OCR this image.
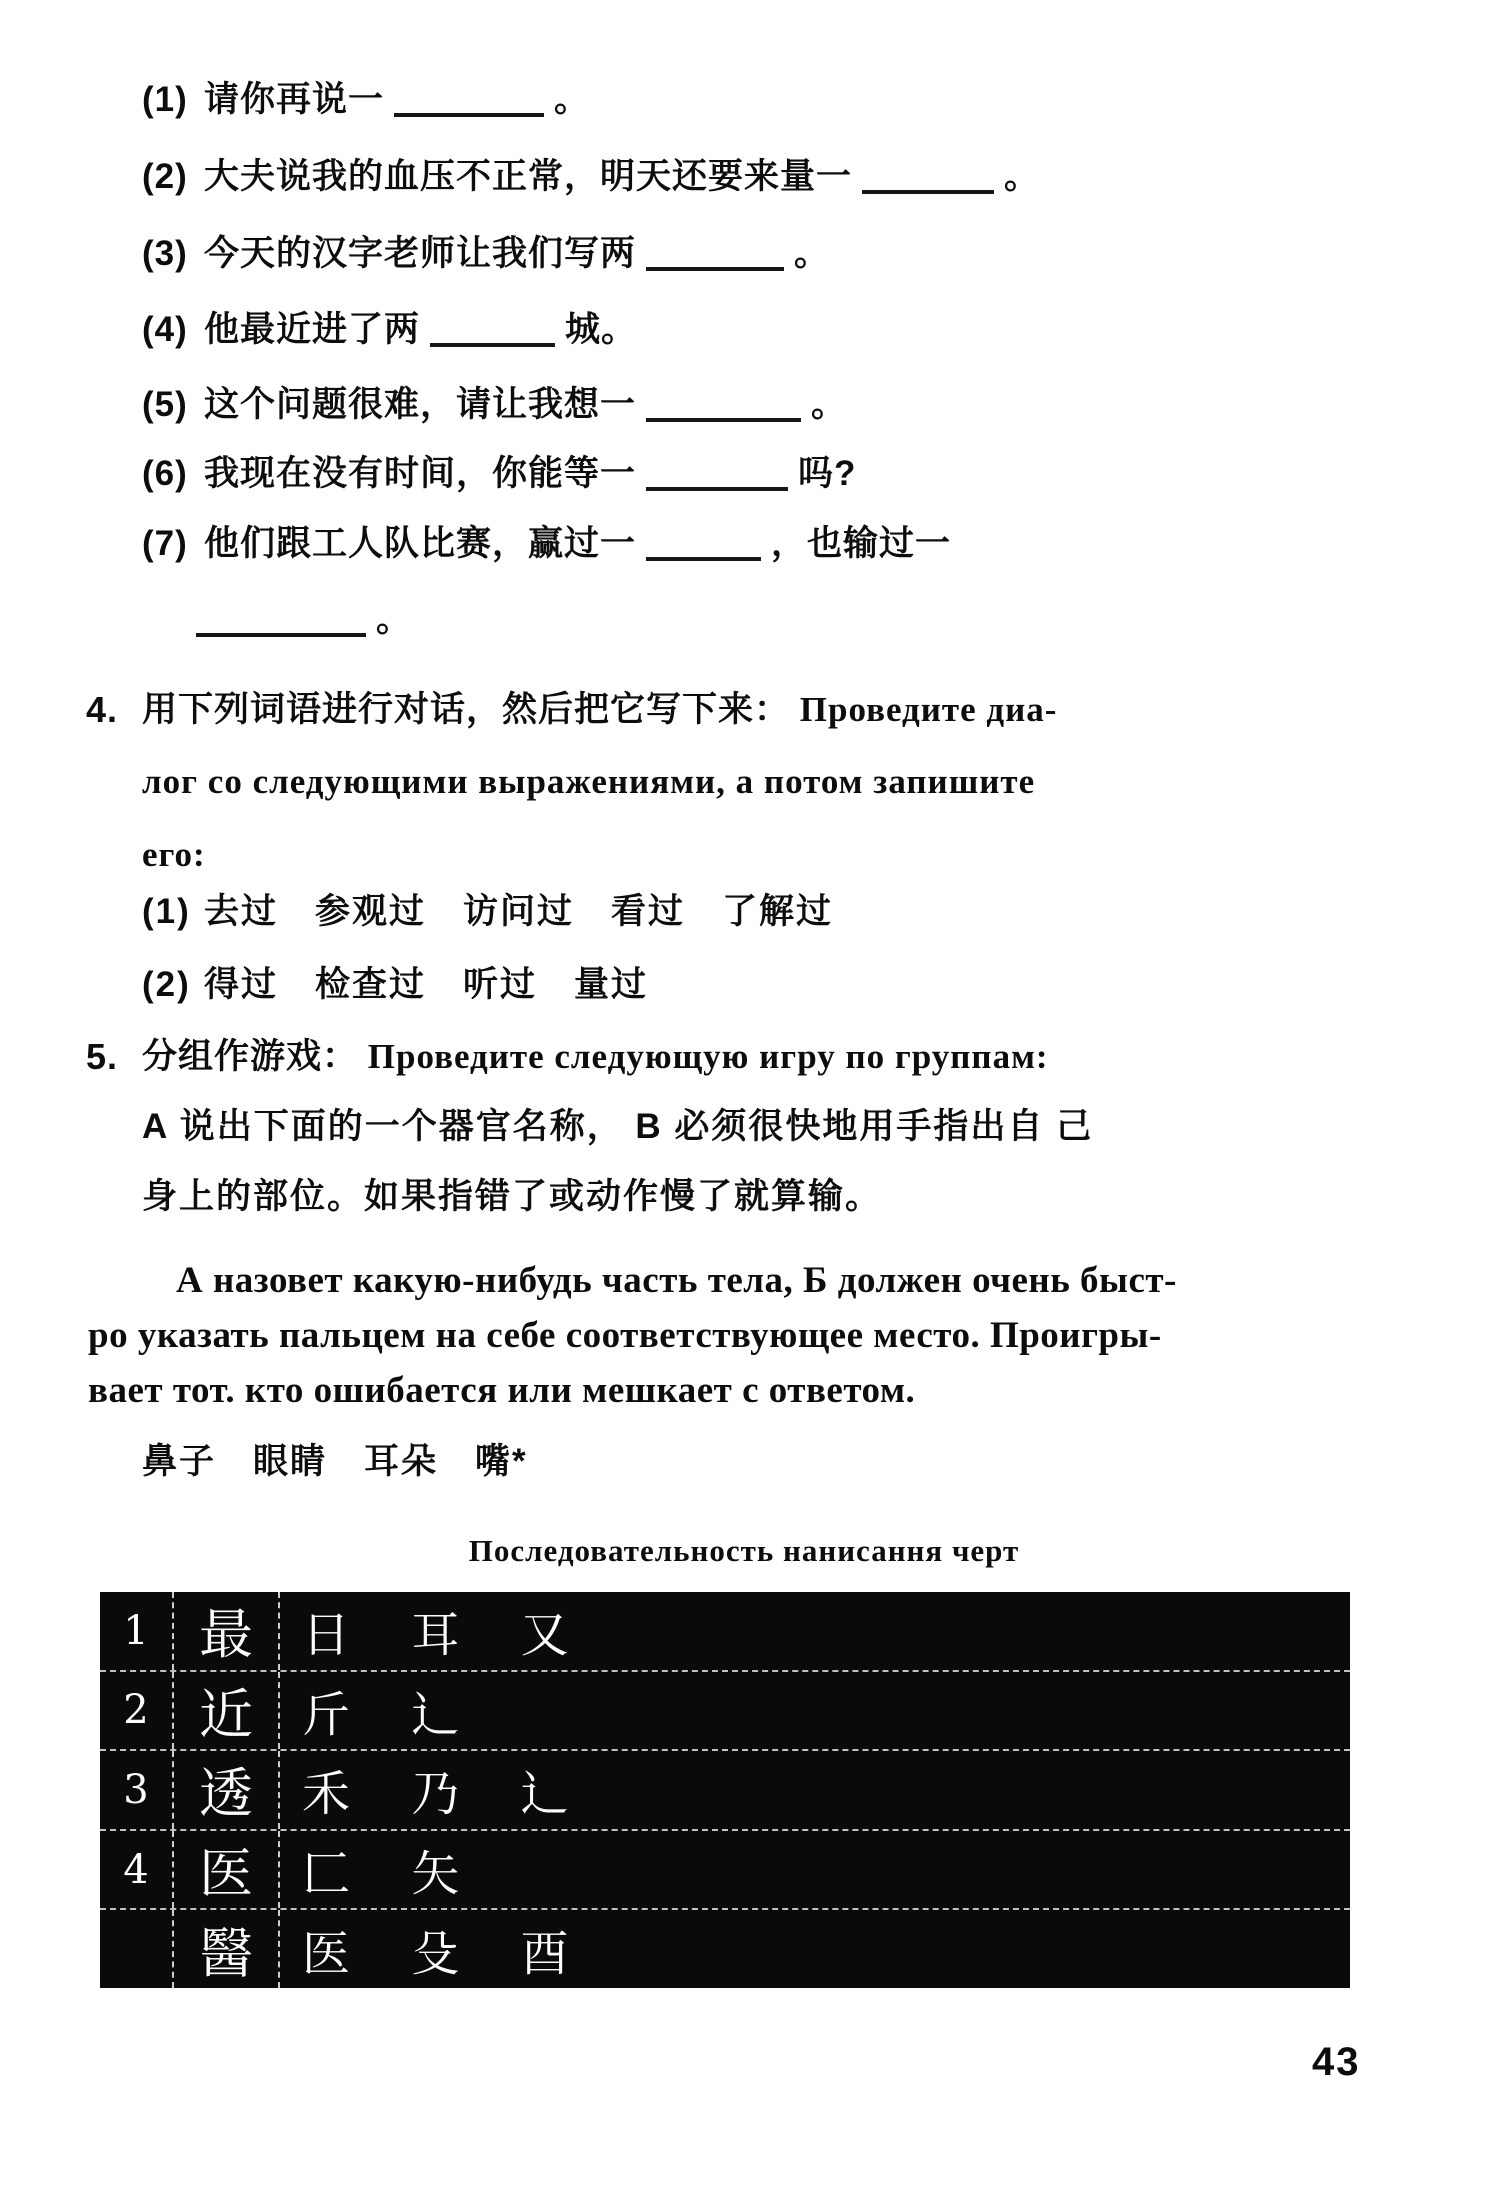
(1) 请你再说一	。
(2) 大夫说我的血压不正常，明天还要来量一	。
(3) 今天的汉字老师让我们写两	。
(4) 他最近进了两	城。
(5) 这个问题很难，请让我想一	。
(6) 我现在没有时间，你能等一	吗?
(7) 他们跟工人队比赛，赢过一	，也输过一
。
4. 用下列词语进行对话，然后把它写下来： Проведите диа-
лог со следующими выражениями, а потом запишите
его:
(1) 去过　参观过　访问过　看过　了解过
(2) 得过　检查过　听过　量过
5. 分组作游戏： Проведите следующую игру по группам:
A 说出下面的一个器官名称， B 必须很快地用手指出自 己
身上的部位。如果指错了或动作慢了就算输。
А назовет какую-нибудь часть тела, Б должен очень быст-
ро указать пальцем на себе соответствующее место. Проигры-
вает тот. кто ошибается или мешкает с ответом.
鼻子　眼睛　耳朵　嘴*
Последовательность нанисання черт
1 最	日 耳 又
2 近	斤 辶
3 透	禾 乃 辶
4 医	匚 矢
醫	医 殳 酉
43
